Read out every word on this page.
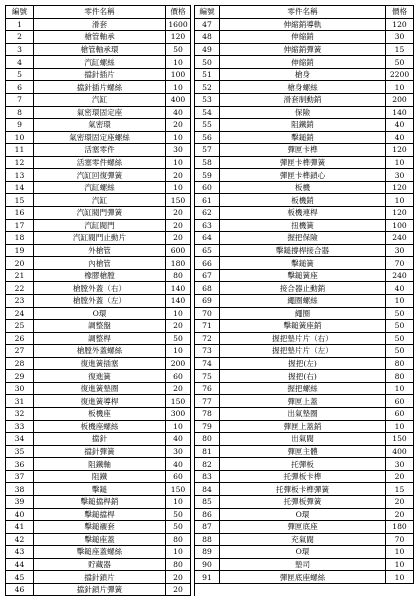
編號	零件名稱	價格		編號	零件名稱	價格
1	滑套	1600		47	伸縮銷導軌	120
2	槍管軸承	120		48	伸縮銷	30
3	槍管軸承環	50		49	伸縮銷彈簧	15
4	汽缸螺絲	10		50	伸縮銷	50
5	擋針插片	100		51	槍身	2200
6	擋針插片螺絲	10		52	槍身螺絲	10
7	汽缸	400		53	滑套制動銷	200
8	氣密環固定座	40		54	保險	140
9	氣密環	20		55	阻鐵銷	40
10	氣密環固定座螺絲	10		56	擊鎚銷	40
11	活塞零件	30		57	彈匣卡榫	120
12	活塞零件螺絲	10		58	彈匣卡榫彈簧	10
13	汽缸回復彈簧	20		59	彈匣卡榫鎖心	30
14	汽缸螺絲	10		60	板機	120
15	汽缸	150		61	板機銷	10
16	汽缸閥門彈簧	20		62	板機連桿	120
17	汽缸閥門	20		63	扭機簧	100
18	汽缸閥門止動片	20		64	握把保險	240
19	外槍管	600		65	擊鎚撐桿接合器	30
20	內槍管	180		66	擊鎚簧	70
21	橡膠槍膛	80		67	擊鎚簧座	240
22	槍膛外蓋（右）	140		68	接合器止動銷	40
23	槍膛外蓋（左）	140		69	繩圈螺絲	10
24	O環	10		70	繩圈	50
25	調整盤	20		71	擊鎚簧座銷	50
26	調整桿	50		72	握把墊片片（右）	50
27	槍膛外蓋螺絲	10		73	握把墊片片（左）	50
28	復進簧插塞	200		74	握把(左)	80
29	復進簧	60		75	握把(右)	80
30	復進簧墊圈	20		76	握把螺絲	10
31	復進簧導桿	150		77	彈匣上蓋	60
32	板機座	300		78	出氣墊圈	60
33	板機座螺絲	10		79	彈匣上蓋銷	10
34	擋針	40		80	出氣閥	150
35	擋針彈簧	30		81	彈匣主體	400
36	阻鐵軸	40		82	托彈板	30
37	阻鐵	60		83	托彈板卡榫	20
38	擊鎚	150		84	托彈板卡榫彈簧	15
39	擊鎚擋桿銷	10		85	托彈板彈簧	20
40	擊鎚擋桿	50		86	O環	20
41	擊鎚襯套	50		87	彈匣底座	180
42	擊鎚座蓋	80		88	充氣閥	70
43	擊鎚座蓋螺絲	10		89	O環	10
44	貯藏器	80		90	墊司	10
45	擋針鎖片	20		91	彈匣底座螺絲	10
46	擋針鎖片彈簧	20				
